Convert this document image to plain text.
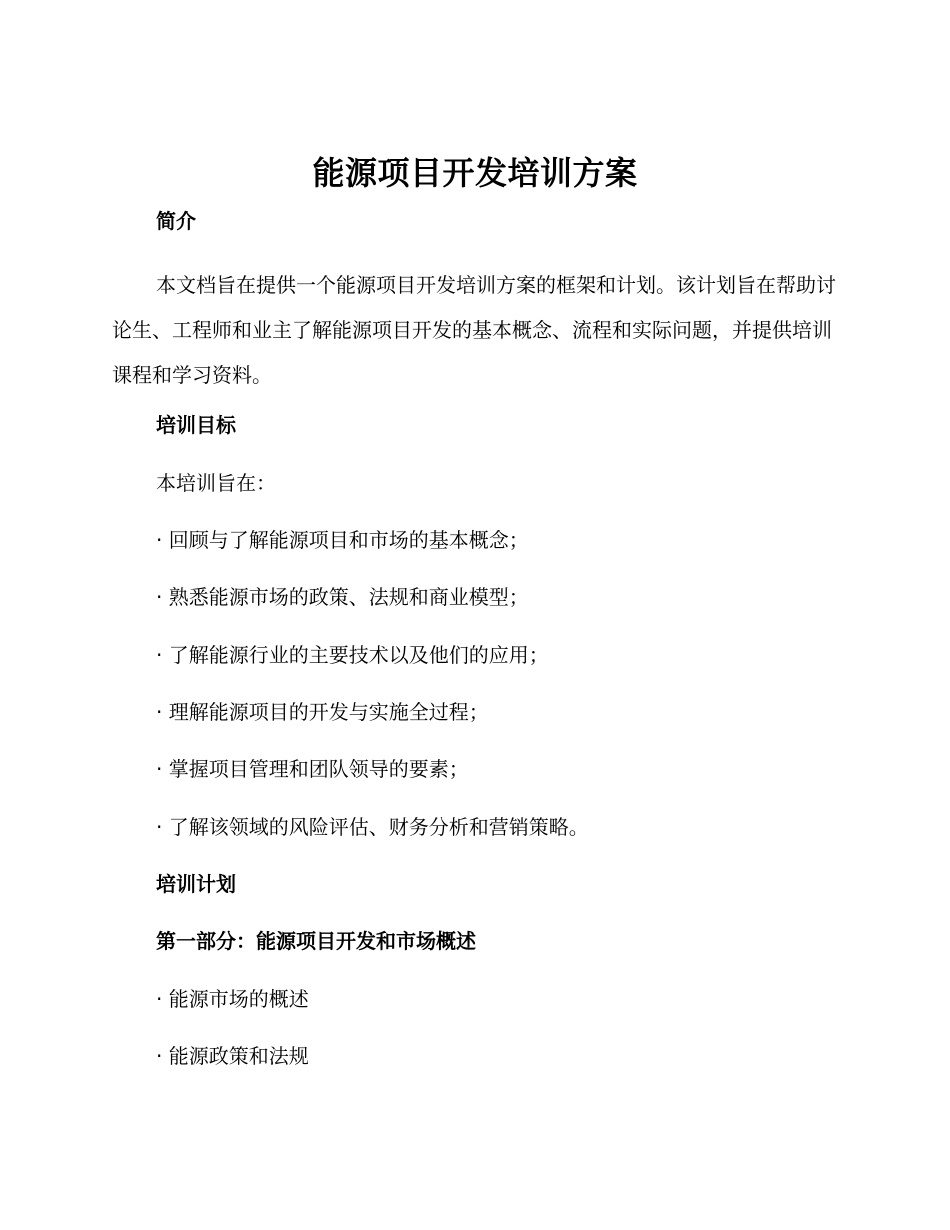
能源项目开发培训方案

简介

本文档旨在提供一个能源项目开发培训方案的框架和计划。该计划旨在帮助讨论生、工程师和业主了解能源项目开发的基本概念、流程和实际问题，并提供培训课程和学习资料。

培训目标

本培训旨在：

· 回顾与了解能源项目和市场的基本概念；

· 熟悉能源市场的政策、法规和商业模型；

· 了解能源行业的主要技术以及他们的应用；

· 理解能源项目的开发与实施全过程；

· 掌握项目管理和团队领导的要素；

· 了解该领域的风险评估、财务分析和营销策略。

培训计划

第一部分：能源项目开发和市场概述

· 能源市场的概述

· 能源政策和法规
